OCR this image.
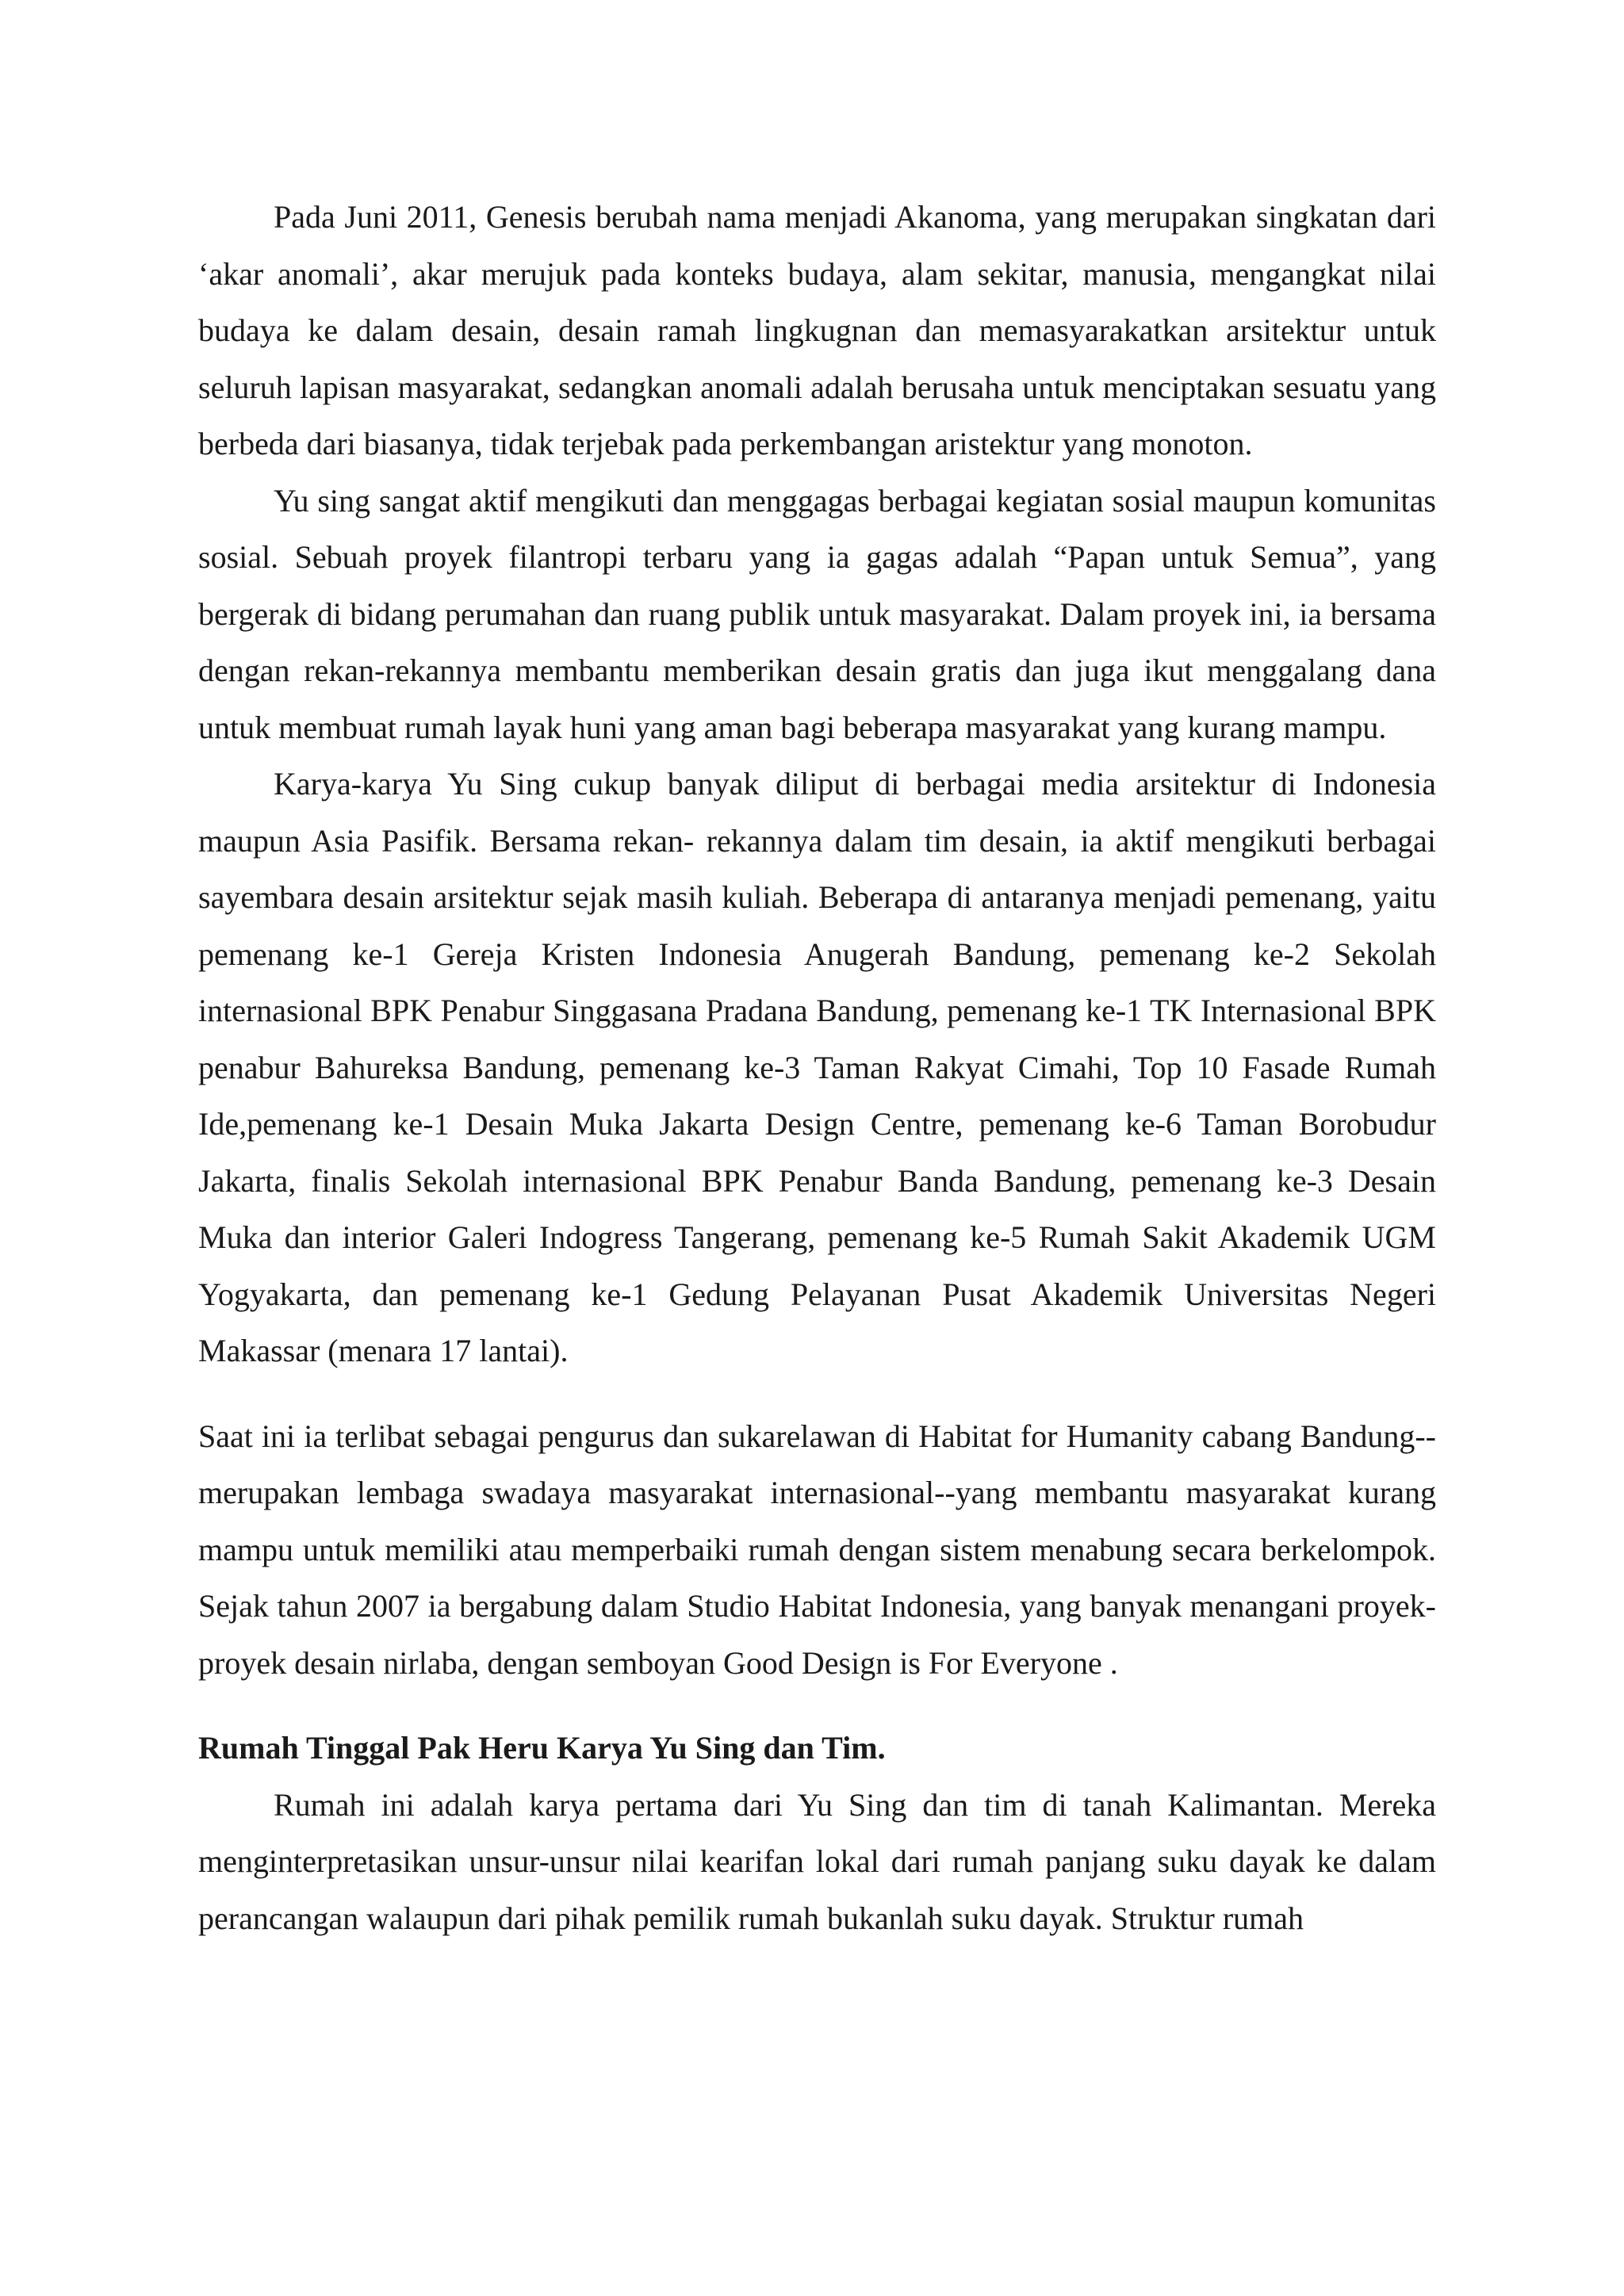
Pada Juni 2011, Genesis berubah nama menjadi Akanoma, yang merupakan singkatan dari ‘akar anomali’, akar merujuk pada konteks budaya, alam sekitar, manusia, mengangkat nilai budaya ke dalam desain, desain ramah lingkugnan dan memasyarakatkan arsitektur untuk seluruh lapisan masyarakat, sedangkan anomali adalah berusaha untuk menciptakan sesuatu yang berbeda dari biasanya, tidak terjebak pada perkembangan aristektur yang monoton.

Yu sing sangat aktif mengikuti dan menggagas berbagai kegiatan sosial maupun komunitas sosial. Sebuah proyek filantropi terbaru yang ia gagas adalah “Papan untuk Semua”, yang bergerak di bidang perumahan dan ruang publik untuk masyarakat. Dalam proyek ini, ia bersama dengan rekan-rekannya membantu memberikan desain gratis dan juga ikut menggalang dana untuk membuat rumah layak huni yang aman bagi beberapa masyarakat yang kurang mampu.

Karya-karya Yu Sing cukup banyak diliput di berbagai media arsitektur di Indonesia maupun Asia Pasifik. Bersama rekan- rekannya dalam tim desain, ia aktif mengikuti berbagai sayembara desain arsitektur sejak masih kuliah. Beberapa di antaranya menjadi pemenang, yaitu pemenang ke-1 Gereja Kristen Indonesia Anugerah Bandung, pemenang ke-2 Sekolah internasional BPK Penabur Singgasana Pradana Bandung, pemenang ke-1 TK Internasional BPK penabur Bahureksa Bandung, pemenang ke-3 Taman Rakyat Cimahi, Top 10 Fasade Rumah Ide,pemenang ke-1 Desain Muka Jakarta Design Centre, pemenang ke-6 Taman Borobudur Jakarta, finalis Sekolah internasional BPK Penabur Banda Bandung, pemenang ke-3 Desain Muka dan interior Galeri Indogress Tangerang, pemenang ke-5 Rumah Sakit Akademik UGM Yogyakarta, dan pemenang ke-1 Gedung Pelayanan Pusat Akademik Universitas Negeri Makassar (menara 17 lantai).

Saat ini ia terlibat sebagai pengurus dan sukarelawan di Habitat for Humanity cabang Bandung--merupakan lembaga swadaya masyarakat internasional--yang membantu masyarakat kurang mampu untuk memiliki atau memperbaiki rumah dengan sistem menabung secara berkelompok. Sejak tahun 2007 ia bergabung dalam Studio Habitat Indonesia, yang banyak menangani proyek-proyek desain nirlaba, dengan semboyan Good Design is For Everyone .

Rumah Tinggal Pak Heru Karya Yu Sing dan Tim.

Rumah ini adalah karya pertama dari Yu Sing dan tim di tanah Kalimantan. Mereka menginterpretasikan unsur-unsur nilai kearifan lokal dari rumah panjang suku dayak ke dalam perancangan walaupun dari pihak pemilik rumah bukanlah suku dayak. Struktur rumah
